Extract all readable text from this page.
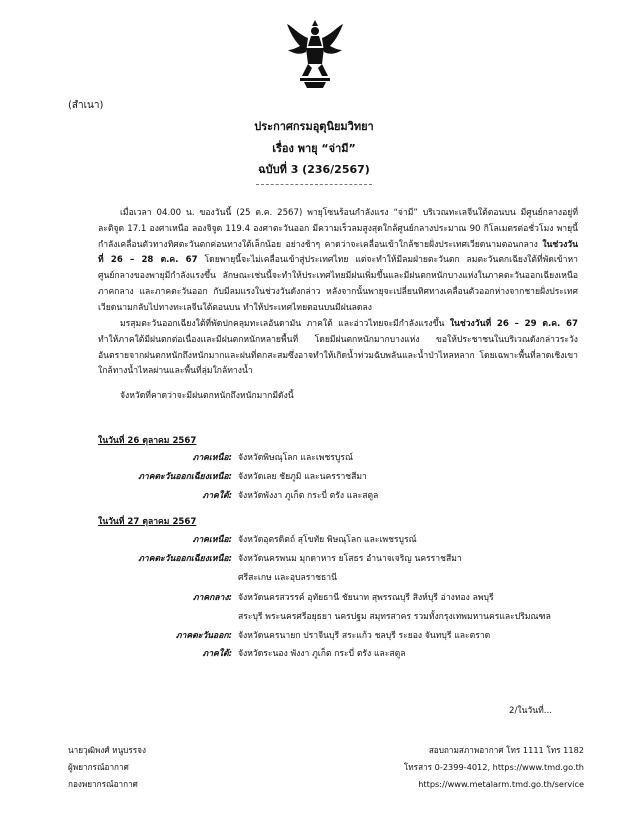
(สำเนา)
ประกาศกรมอุตุนิยมวิทยา
เรื่อง พายุ “จ่ามี”
ฉบับที่ 3 (236/2567)

เมื่อเวลา 04.00 น. ของวันนี้ (25 ต.ค. 2567) พายุโซนร้อนกำลังแรง “จ่ามี” บริเวณทะเลจีนใต้ตอนบน มีศูนย์กลางอยู่ที่ละติจูด 17.1 องศาเหนือ ลองจิจูด 119.4 องศาตะวันออก มีความเร็วลมสูงสุดใกล้ศูนย์กลางประมาณ 90 กิโลเมตรต่อชั่วโมง พายุนี้กำลังเคลื่อนตัวทางทิศตะวันตกค่อนทางใต้เล็กน้อย อย่างช้าๆ คาดว่าจะเคลื่อนเข้าใกล้ชายฝั่งประเทศเวียดนามตอนกลาง ในช่วงวันที่ 26 – 28 ต.ค. 67 โดยพายุนี้จะไม่เคลื่อนเข้าสู่ประเทศไทย แต่จะทำให้มีลมฝ่ายตะวันตก ลมตะวันตกเฉียงใต้ที่พัดเข้าหาศูนย์กลางของพายุมีกำลังแรงขึ้น ลักษณะเช่นนี้จะทำให้ประเทศไทยมีฝนเพิ่มขึ้นและมีฝนตกหนักบางแห่งในภาคตะวันออกเฉียงเหนือ ภาคกลาง และภาคตะวันออก กับมีลมแรงในช่วงวันดังกล่าว หลังจากนั้นพายุจะเปลี่ยนทิศทางเคลื่อนตัวออกห่างจากชายฝั่งประเทศเวียดนามกลับไปทางทะเลจีนใต้ตอนบน ทำให้ประเทศไทยตอนบนมีฝนลดลง

มรสุมตะวันออกเฉียงใต้ที่พัดปกคลุมทะเลอันดามัน ภาคใต้ และอ่าวไทยจะมีกำลังแรงขึ้น ในช่วงวันที่ 26 – 29 ต.ค. 67 ทำให้ภาคใต้มีฝนตกต่อเนื่องและมีฝนตกหนักหลายพื้นที่ โดยมีฝนตกหนักมากบางแห่ง ขอให้ประชาชนในบริเวณดังกล่าวระวังอันตรายจากฝนตกหนักถึงหนักมากและฝนที่ตกสะสมซึ่งอาจทำให้เกิดน้ำท่วมฉับพลันและน้ำป่าไหลหลาก โดยเฉพาะพื้นที่ลาดเชิงเขาใกล้ทางน้ำไหลผ่านและพื้นที่ลุ่มใกล้ทางน้ำ

จังหวัดที่คาดว่าจะมีฝนตกหนักถึงหนักมากมีดังนี้

ในวันที่ 26 ตุลาคม 2567
ภาคเหนือ: จังหวัดพิษณุโลก และเพชรบูรณ์
ภาคตะวันออกเฉียงเหนือ: จังหวัดเลย ชัยภูมิ และนครราชสีมา
ภาคใต้: จังหวัดพังงา ภูเก็ต กระบี่ ตรัง และสตูล
ในวันที่ 27 ตุลาคม 2567
ภาคเหนือ: จังหวัดอุตรดิตถ์ สุโขทัย พิษณุโลก และเพชรบูรณ์
ภาคตะวันออกเฉียงเหนือ: จังหวัดนครพนม มุกดาหาร ยโสธร อำนาจเจริญ นครราชสีมา
ศรีสะเกษ และอุบลราชธานี
ภาคกลาง: จังหวัดนครสวรรค์ อุทัยธานี ชัยนาท สุพรรณบุรี สิงห์บุรี อ่างทอง ลพบุรี
สระบุรี พระนครศรีอยุธยา นครปฐม สมุทรสาคร รวมทั้งกรุงเทพมหานครและปริมณฑล
ภาคตะวันออก: จังหวัดนครนายก ปราจีนบุรี สระแก้ว ชลบุรี ระยอง จันทบุรี และตราด
ภาคใต้: จังหวัดระนอง พังงา ภูเก็ต กระบี่ ตรัง และสตูล
2/ในวันที่...
นายวุฒิพงศ์ หนูบรรจง
ผู้พยากรณ์อากาศ
กองพยากรณ์อากาศ
สอบถามสภาพอากาศ โทร 1111 โทร 1182
โทรสาร 0-2399-4012, https://www.tmd.go.th
https://www.metalarm.tmd.go.th/service
